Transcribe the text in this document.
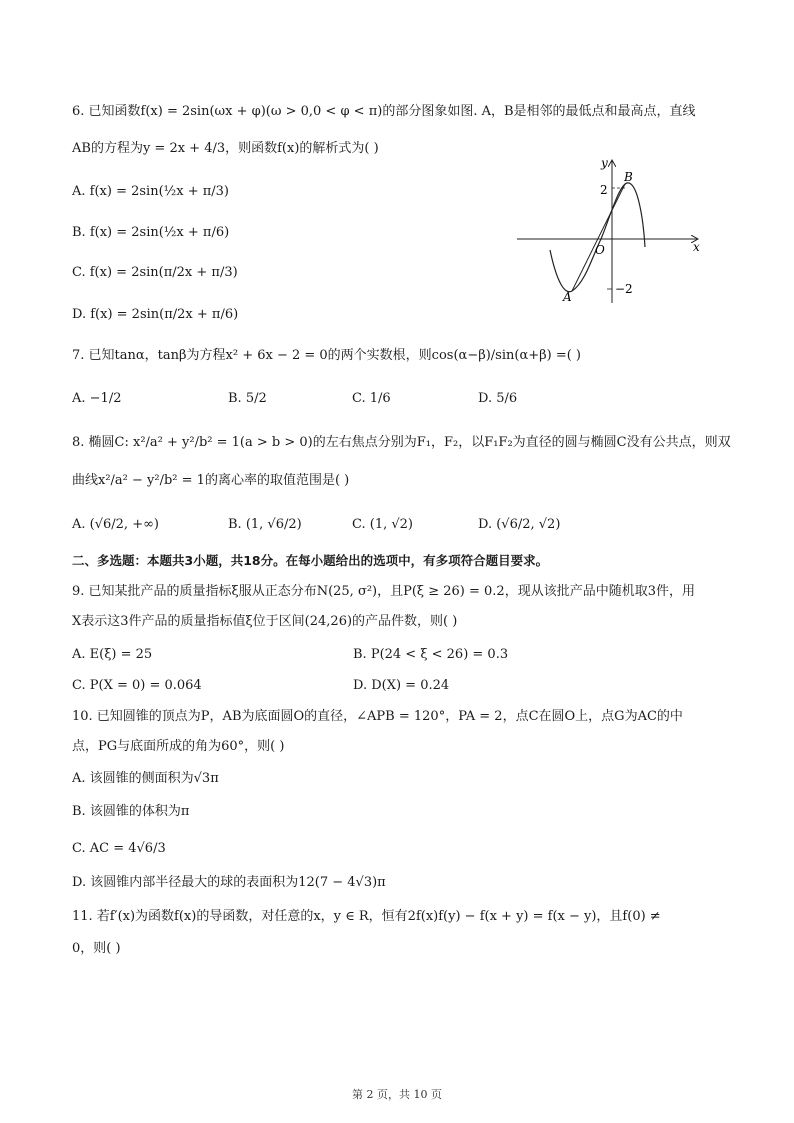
6. 已知函数f(x) = 2sin(ωx + φ)(ω > 0,0 < φ < π)的部分图象如图. A，B是相邻的最低点和最高点，直线
AB的方程为y = 2x + 4/3，则函数f(x)的解析式为( )
A. f(x) = 2sin(½x + π/3)
B. f(x) = 2sin(½x + π/6)
C. f(x) = 2sin(π/2x + π/3)
D. f(x) = 2sin(π/2x + π/6)
y
x
O
2
−2
A
B
7. 已知tanα，tanβ为方程x² + 6x − 2 = 0的两个实数根，则cos(α−β)/sin(α+β) =( )
A. −1/2	B. 5/2	C. 1/6	D. 5/6
8. 椭圆C: x²/a² + y²/b² = 1(a > b > 0)的左右焦点分别为F₁，F₂，以F₁F₂为直径的圆与椭圆C没有公共点，则双
曲线x²/a² − y²/b² = 1的离心率的取值范围是( )
A. (√6/2, +∞)	B. (1, √6/2)	C. (1, √2)	D. (√6/2, √2)
二、多选题：本题共3小题，共18分。在每小题给出的选项中，有多项符合题目要求。
9. 已知某批产品的质量指标ξ服从正态分布N(25, σ²)，且P(ξ ≥ 26) = 0.2，现从该批产品中随机取3件，用
X表示这3件产品的质量指标值ξ位于区间(24,26)的产品件数，则( )
A. E(ξ) = 25	B. P(24 < ξ < 26) = 0.3
C. P(X = 0) = 0.064	D. D(X) = 0.24
10. 已知圆锥的顶点为P，AB为底面圆O的直径，∠APB = 120°，PA = 2，点C在圆O上，点G为AC的中
点，PG与底面所成的角为60°，则( )
A. 该圆锥的侧面积为√3π
B. 该圆锥的体积为π
C. AC = 4√6/3
D. 该圆锥内部半径最大的球的表面积为12(7 − 4√3)π
11. 若f′(x)为函数f(x)的导函数，对任意的x，y ∈ R，恒有2f(x)f(y) − f(x + y) = f(x − y)，且f(0) ≠
0，则( )
第 2 页，共 10 页
